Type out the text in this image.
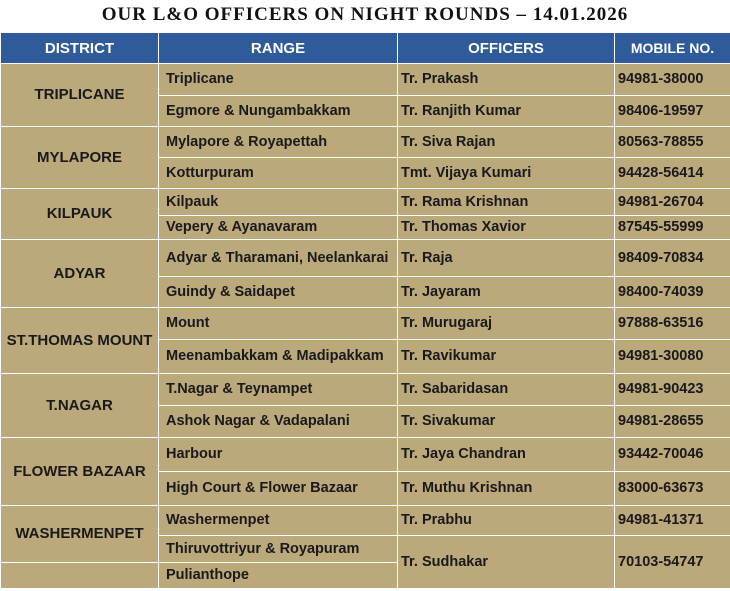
OUR L&O OFFICERS ON NIGHT ROUNDS – 14.01.2026
DISTRICT	RANGE	OFFICERS	MOBILE NO.
TRIPLICANE	Triplicane	Tr. Prakash	94981-38000
	Egmore & Nungambakkam	Tr. Ranjith Kumar	98406-19597
MYLAPORE	Mylapore & Royapettah	Tr. Siva Rajan	80563-78855
	Kotturpuram	Tmt. Vijaya Kumari	94428-56414
KILPAUK	Kilpauk	Tr. Rama Krishnan	94981-26704
	Vepery & Ayanavaram	Tr. Thomas Xavior	87545-55999
ADYAR	Adyar & Tharamani, Neelankarai	Tr. Raja	98409-70834
	Guindy & Saidapet	Tr. Jayaram	98400-74039
ST.THOMAS MOUNT	Mount	Tr. Murugaraj	97888-63516
	Meenambakkam & Madipakkam	Tr. Ravikumar	94981-30080
T.NAGAR	T.Nagar & Teynampet	Tr. Sabaridasan	94981-90423
	Ashok Nagar & Vadapalani	Tr. Sivakumar	94981-28655
FLOWER BAZAAR	Harbour	Tr. Jaya Chandran	93442-70046
	High Court & Flower Bazaar	Tr. Muthu Krishnan	83000-63673
WASHERMENPET	Washermenpet	Tr. Prabhu	94981-41371
	Thiruvottriyur & Royapuram	Tr. Sudhakar	70103-54747
	Pulianthope		
